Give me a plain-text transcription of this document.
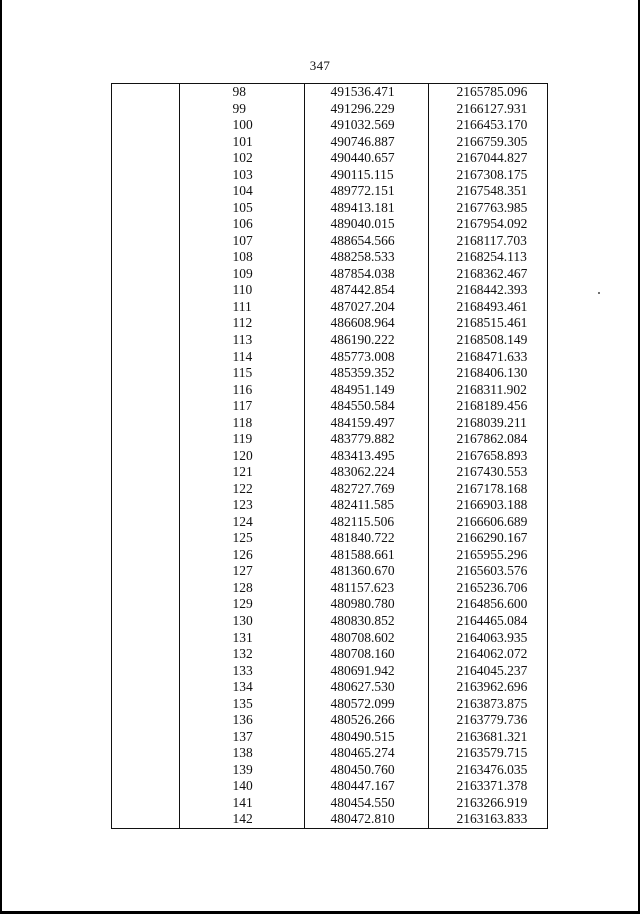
347
	98	491536.471	2165785.096
	99	491296.229	2166127.931
	100	491032.569	2166453.170
	101	490746.887	2166759.305
	102	490440.657	2167044.827
	103	490115.115	2167308.175
	104	489772.151	2167548.351
	105	489413.181	2167763.985
	106	489040.015	2167954.092
	107	488654.566	2168117.703
	108	488258.533	2168254.113
	109	487854.038	2168362.467
	110	487442.854	2168442.393
	111	487027.204	2168493.461
	112	486608.964	2168515.461
	113	486190.222	2168508.149
	114	485773.008	2168471.633
	115	485359.352	2168406.130
	116	484951.149	2168311.902
	117	484550.584	2168189.456
	118	484159.497	2168039.211
	119	483779.882	2167862.084
	120	483413.495	2167658.893
	121	483062.224	2167430.553
	122	482727.769	2167178.168
	123	482411.585	2166903.188
	124	482115.506	2166606.689
	125	481840.722	2166290.167
	126	481588.661	2165955.296
	127	481360.670	2165603.576
	128	481157.623	2165236.706
	129	480980.780	2164856.600
	130	480830.852	2164465.084
	131	480708.602	2164063.935
	132	480708.160	2164062.072
	133	480691.942	2164045.237
	134	480627.530	2163962.696
	135	480572.099	2163873.875
	136	480526.266	2163779.736
	137	480490.515	2163681.321
	138	480465.274	2163579.715
	139	480450.760	2163476.035
	140	480447.167	2163371.378
	141	480454.550	2163266.919
	142	480472.810	2163163.833
